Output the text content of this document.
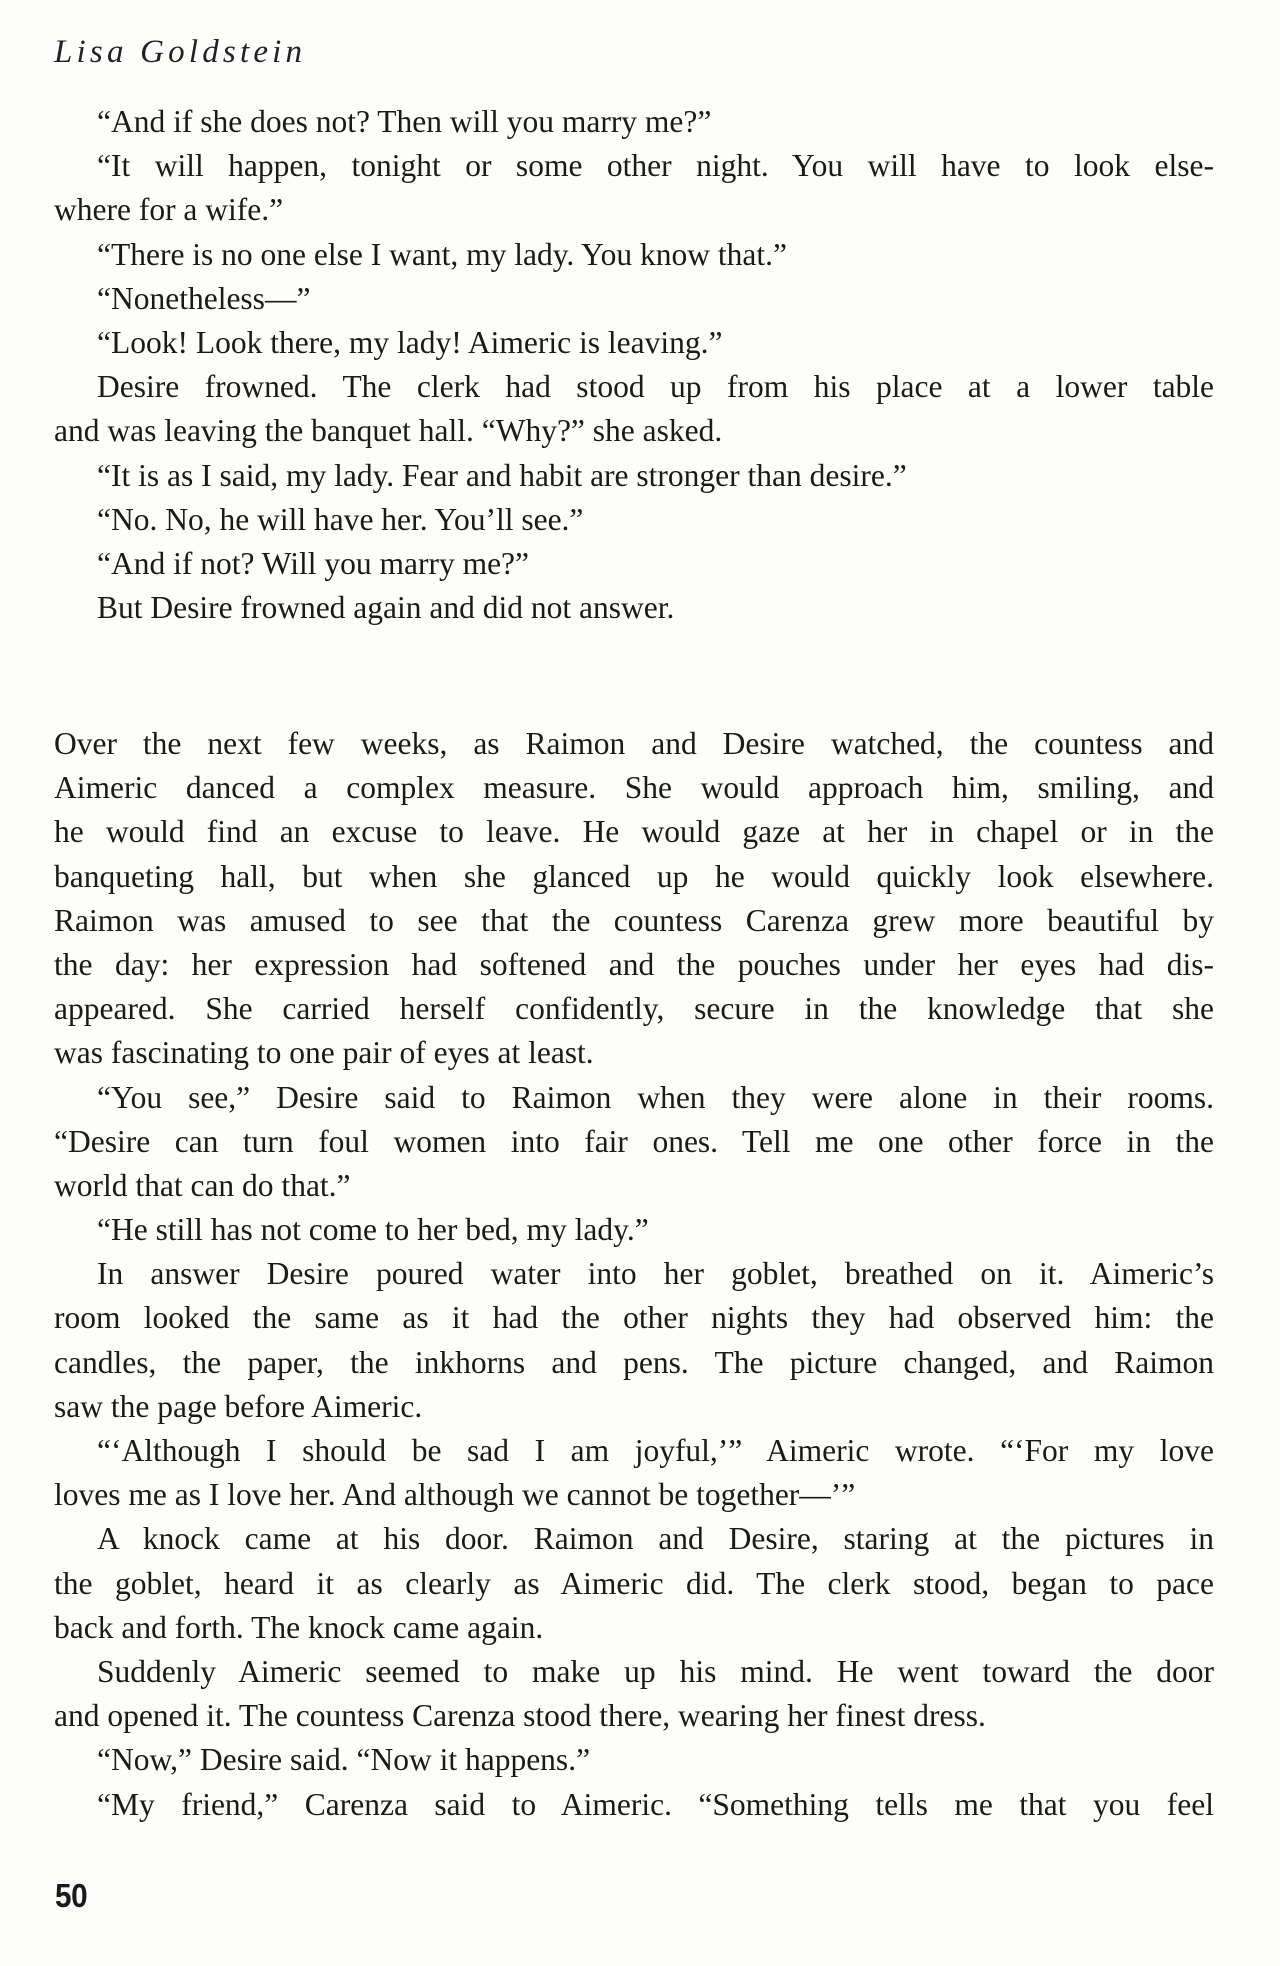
Lisa Goldstein
“And if she does not? Then will you marry me?”
“It will happen, tonight or some other night. You will have to look else-
where for a wife.”
“There is no one else I want, my lady. You know that.”
“Nonetheless—”
“Look! Look there, my lady! Aimeric is leaving.”
Desire frowned. The clerk had stood up from his place at a lower table
and was leaving the banquet hall. “Why?” she asked.
“It is as I said, my lady. Fear and habit are stronger than desire.”
“No. No, he will have her. You’ll see.”
“And if not? Will you marry me?”
But Desire frowned again and did not answer.
Over the next few weeks, as Raimon and Desire watched, the countess and
Aimeric danced a complex measure. She would approach him, smiling, and
he would find an excuse to leave. He would gaze at her in chapel or in the
banqueting hall, but when she glanced up he would quickly look elsewhere.
Raimon was amused to see that the countess Carenza grew more beautiful by
the day: her expression had softened and the pouches under her eyes had dis-
appeared. She carried herself confidently, secure in the knowledge that she
was fascinating to one pair of eyes at least.
“You see,” Desire said to Raimon when they were alone in their rooms.
“Desire can turn foul women into fair ones. Tell me one other force in the
world that can do that.”
“He still has not come to her bed, my lady.”
In answer Desire poured water into her goblet, breathed on it. Aimeric’s
room looked the same as it had the other nights they had observed him: the
candles, the paper, the inkhorns and pens. The picture changed, and Raimon
saw the page before Aimeric.
“‘Although I should be sad I am joyful,’” Aimeric wrote. “‘For my love
loves me as I love her. And although we cannot be together—’”
A knock came at his door. Raimon and Desire, staring at the pictures in
the goblet, heard it as clearly as Aimeric did. The clerk stood, began to pace
back and forth. The knock came again.
Suddenly Aimeric seemed to make up his mind. He went toward the door
and opened it. The countess Carenza stood there, wearing her finest dress.
“Now,” Desire said. “Now it happens.”
“My friend,” Carenza said to Aimeric. “Something tells me that you feel
50
